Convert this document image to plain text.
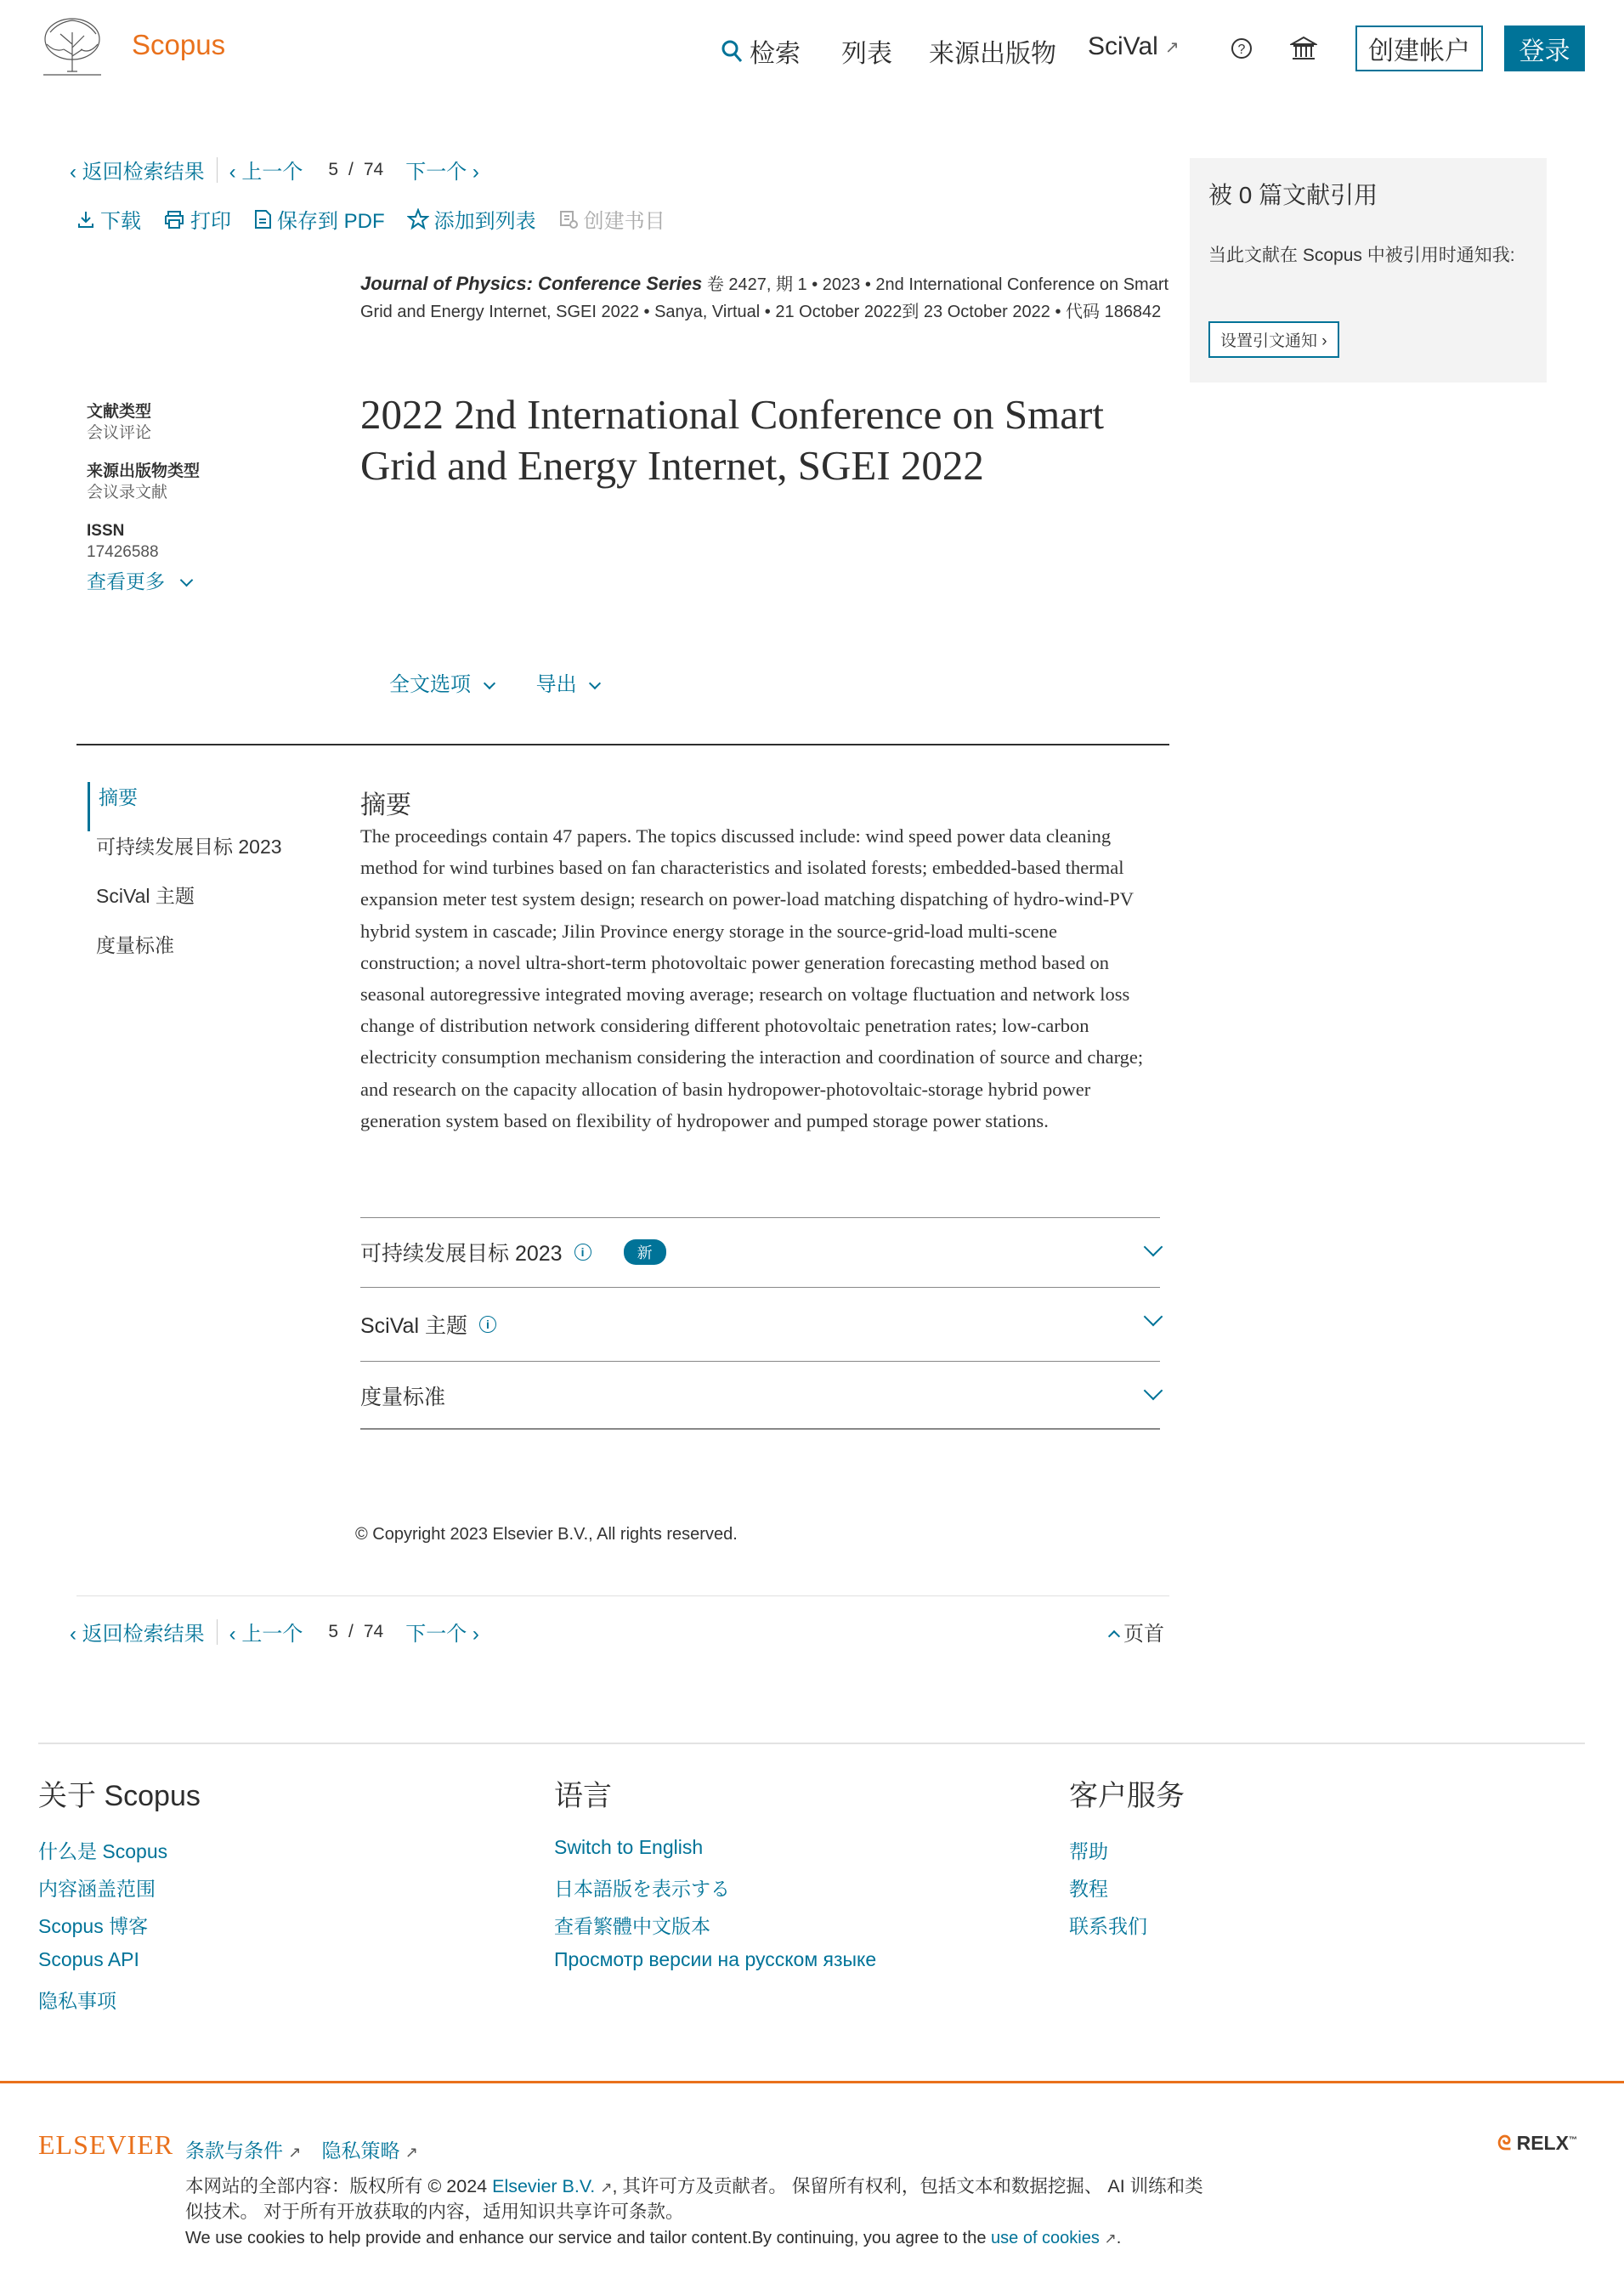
Scopus	检索 列表 来源出版物 SciVal ↗	?	创建帐户	登录
‹ 返回检索结果 ‹ 上一个 5 / 74 下一个 ›
下载 打印 保存到 PDF 添加到列表 创建书目
Journal of Physics: Conference Series 卷 2427, 期 1 • 2023 • 2nd International Conference on Smart Grid and Energy Internet, SGEI 2022 • Sanya, Virtual • 21 October 2022到 23 October 2022 • 代码 186842
文献类型
会议评论
来源出版物类型
会议录文献
ISSN
17426588
查看更多
2022 2nd International Conference on Smart Grid and Energy Internet, SGEI 2022
全文选项	导出
摘要
可持续发展目标 2023
SciVal 主题
度量标准
摘要

The proceedings contain 47 papers. The topics discussed include: wind speed power data cleaning method for wind turbines based on fan characteristics and isolated forests; embedded-based thermal expansion meter test system design; research on power-load matching dispatching of hydro-wind-PV hybrid system in cascade; Jilin Province energy storage in the source-grid-load multi-scene construction; a novel ultra-short-term photovoltaic power generation forecasting method based on seasonal autoregressive integrated moving average; research on voltage fluctuation and network loss change of distribution network considering different photovoltaic penetration rates; low-carbon electricity consumption mechanism considering the interaction and coordination of source and charge; and research on the capacity allocation of basin hydropower-photovoltaic-storage hybrid power generation system based on flexibility of hydropower and pumped storage power stations.

可持续发展目标 2023	i	新
SciVal 主题	i
度量标准
© Copyright 2023 Elsevier B.V., All rights reserved.
‹ 返回检索结果 ‹ 上一个 5 / 74 下一个 ›	页首
被 0 篇文献引用
当此文献在 Scopus 中被引用时通知我:
设置引文通知 ›
关于 Scopus
什么是 Scopus
内容涵盖范围
Scopus 博客
Scopus API
隐私事项
语言
Switch to English
日本語版を表示する
查看繁體中文版本
Просмотр версии на русском языке
客户服务
帮助
教程
联系我们
ELSEVIER 条款与条件 ↗ 隐私策略 ↗
本网站的全部内容：版权所有 © 2024 Elsevier B.V. ↗, 其许可方及贡献者。 保留所有权利，包括文本和数据挖掘、 AI 训练和类似技术。 对于所有开放获取的内容，适用知识共享许可条款。
We use cookies to help provide and enhance our service and tailor content.By continuing, you agree to the use of cookies ↗.
ᘓ RELX™
